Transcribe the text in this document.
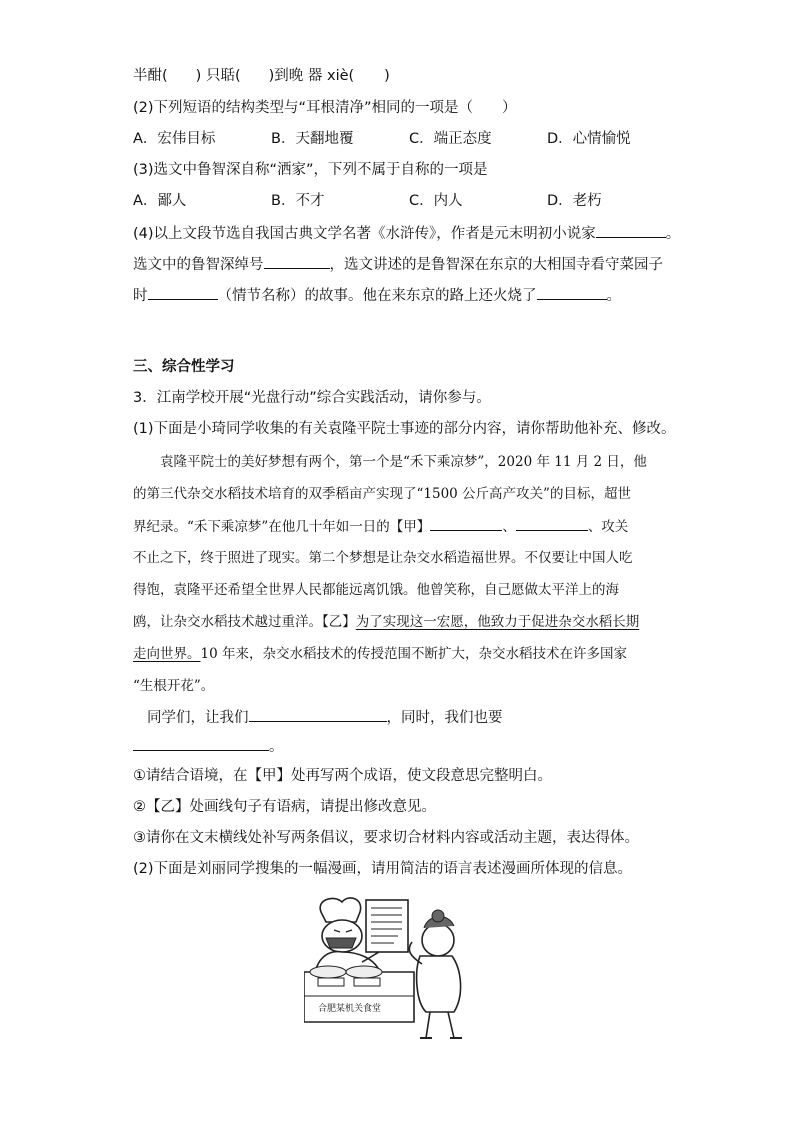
半酣( ) 只聒( )到晚 器 xiè( )
(2)下列短语的结构类型与“耳根清净”相同的一项是（　　）
A．宏伟目标	B．天翻地覆	C．端正态度	D．心情愉悦
(3)选文中鲁智深自称“洒家”，下列不属于自称的一项是
A．鄙人	B．不才	C．内人	D．老朽
(4)以上文段节选自我国古典文学名著《水浒传》，作者是元末明初小说家	。
选文中的鲁智深绰号	，选文讲述的是鲁智深在东京的大相国寺看守菜园子
时	（情节名称）的故事。他在来东京的路上还火烧了	。
三、综合性学习
3．江南学校开展“光盘行动”综合实践活动，请你参与。
(1)下面是小琦同学收集的有关袁隆平院士事迹的部分内容，请你帮助他补充、修改。
袁隆平院士的美好梦想有两个，第一个是“禾下乘凉梦”，2020 年 11 月 2 日，他
的第三代杂交水稻技术培育的双季稻亩产实现了“1500 公斤高产攻关”的目标，超世
界纪录。“禾下乘凉梦”在他几十年如一日的【甲】	、	、攻关
不止之下，终于照进了现实。第二个梦想是让杂交水稻造福世界。不仅要让中国人吃
得饱，袁隆平还希望全世界人民都能远离饥饿。他曾笑称，自己愿做太平洋上的海
鸥，让杂交水稻技术越过重洋。【乙】为了实现这一宏愿，他致力于促进杂交水稻长期
走向世界。10 年来，杂交水稻技术的传授范围不断扩大，杂交水稻技术在许多国家
“生根开花”。
同学们，让我们	，同时，我们也要
。
①请结合语境，在【甲】处再写两个成语，使文段意思完整明白。
②【乙】处画线句子有语病，请提出修改意见。
③请你在文末横线处补写两条倡议，要求切合材料内容或活动主题，表达得体。
(2)下面是刘丽同学搜集的一幅漫画，请用简洁的语言表述漫画所体现的信息。
合肥某机关食堂
